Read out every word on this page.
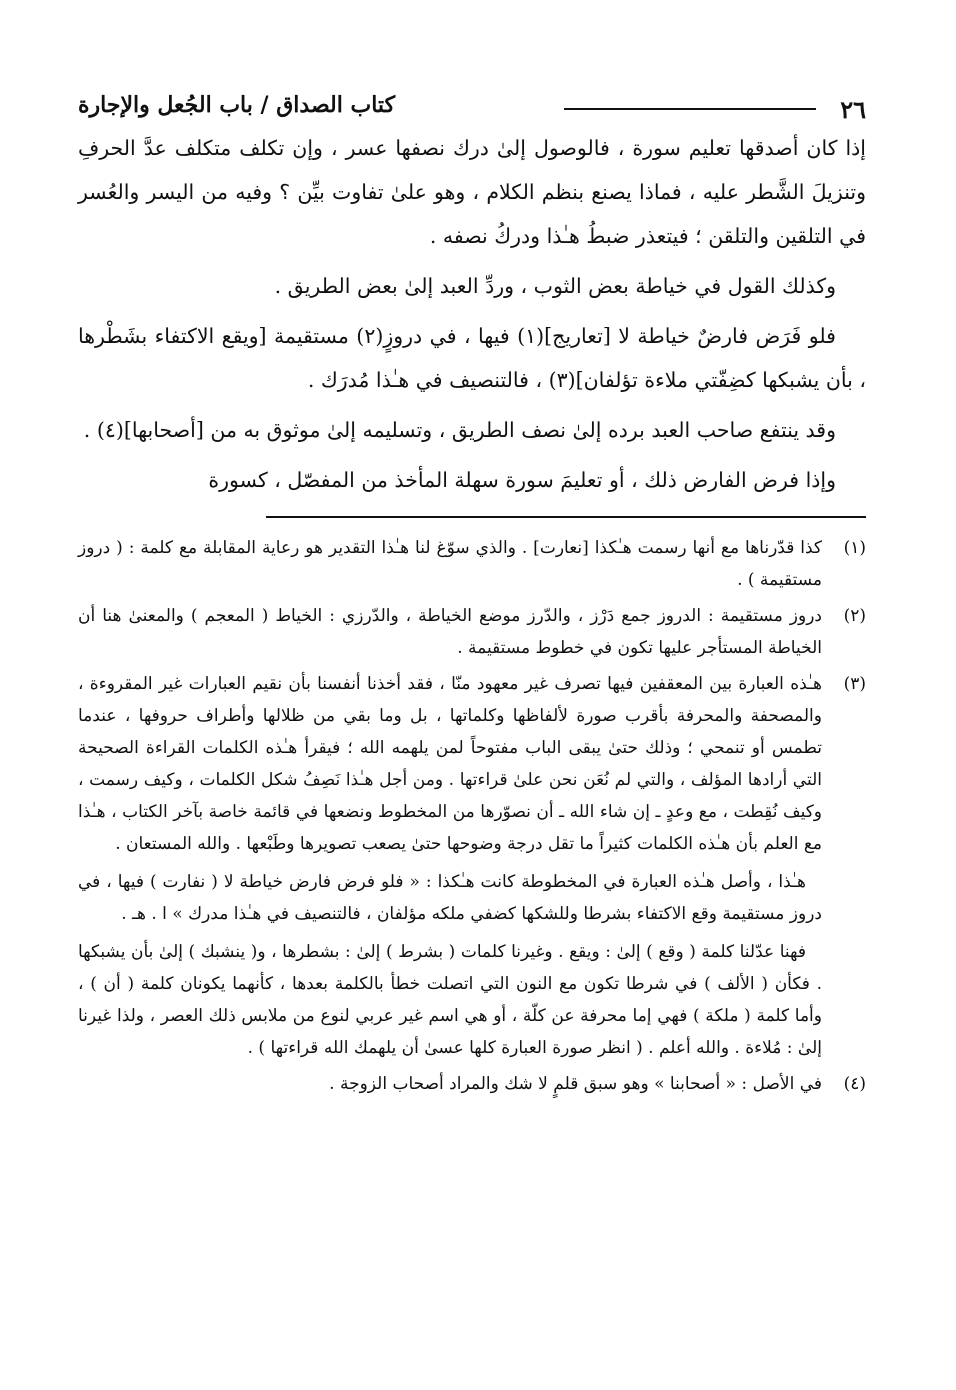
٢٦
كتاب الصداق / باب الجُعل والإجارة

إذا كان أصدقها تعليم سورة ، فالوصول إلىٰ درك نصفها عسر ، وإن تكلف متكلف عدَّ الحرفِ وتنزيلَ الشَّطر عليه ، فماذا يصنع بنظم الكلام ، وهو علىٰ تفاوت بيِّن ؟ وفيه من اليسر والعُسر في التلقين والتلقن ؛ فيتعذر ضبطُ هـٰذا ودركُ نصفه .

وكذلك القول في خياطة بعض الثوب ، وردِّ العبد إلىٰ بعض الطريق .

فلو فَرَض فارضٌ خياطة لا [تعاريج](١) فيها ، في دروزٍ(٢) مستقيمة [ويقع الاكتفاء بشَطْرها ، بأن يشبكها كضِفّتي ملاءة تؤلفان](٣) ، فالتنصيف في هـٰذا مُدرَك .

وقد ينتفع صاحب العبد برده إلىٰ نصف الطريق ، وتسليمه إلىٰ موثوق به من [أصحابها](٤) .

وإذا فرض الفارض ذلك ، أو تعليمَ سورة سهلة المأخذ من المفصّل ، كسورة

(١)

كذا قدّرناها مع أنها رسمت هـٰكذا [نعارت] . والذي سوّغ لنا هـٰذا التقدير هو رعاية المقابلة مع كلمة : ( دروز مستقيمة ) .

(٢)

دروز مستقيمة : الدروز جمع دَرْز ، والدّرز موضع الخياطة ، والدّرزي : الخياط ( المعجم ) والمعنىٰ هنا أن الخياطة المستأجر عليها تكون في خطوط مستقيمة .

(٣)

هـٰذه العبارة بين المعقفين فيها تصرف غير معهود منّا ، فقد أخذنا أنفسنا بأن نقيم العبارات غير المقروءة ، والمصحفة والمحرفة بأقرب صورة لألفاظها وكلماتها ، بل وما بقي من ظلالها وأطراف حروفها ، عندما تطمس أو تنمحي ؛ وذلك حتىٰ يبقى الباب مفتوحاً لمن يلهمه الله ؛ فيقرأ هـٰذه الكلمات القراءة الصحيحة التي أرادها المؤلف ، والتي لم نُعَن نحن علىٰ قراءتها . ومن أجل هـٰذا نَصِفُ شكل الكلمات ، وكيف رسمت ، وكيف نُقِطت ، مع وعدٍ ـ إن شاء الله ـ أن نصوّرها من المخطوط ونضعها في قائمة خاصة بآخر الكتاب ، هـٰذا مع العلم بأن هـٰذه الكلمات كثيراً ما تقل درجة وضوحها حتىٰ يصعب تصويرها وطَبْعها . والله المستعان .

هـٰذا ، وأصل هـٰذه العبارة في المخطوطة كانت هـٰكذا : « فلو فرض فارض خياطة لا ( نفارت ) فيها ، في دروز مستقيمة وقع الاكتفاء بشرطا وللشكها كضفي ملكه مؤلفان ، فالتنصيف في هـٰذا مدرك » ا . هـ .

فهنا عدّلنا كلمة ( وقع ) إلىٰ : ويقع . وغيرنا كلمات ( بشرط ) إلىٰ : بشطرها ، و( ينشبك ) إلىٰ بأن يشبكها . فكأن ( الألف ) في شرطا تكون مع النون التي اتصلت خطأ بالكلمة بعدها ، كأنهما يكونان كلمة ( أن ) ، وأما كلمة ( ملكة ) فهي إما محرفة عن كلّة ، أو هي اسم غير عربي لنوع من ملابس ذلك العصر ، ولذا غيرنا إلىٰ : مُلاءة . والله أعلم . ( انظر صورة العبارة كلها عسىٰ أن يلهمك الله قراءتها ) .

(٤)

في الأصل : « أصحابنا » وهو سبق قلمٍ لا شك والمراد أصحاب الزوجة .
